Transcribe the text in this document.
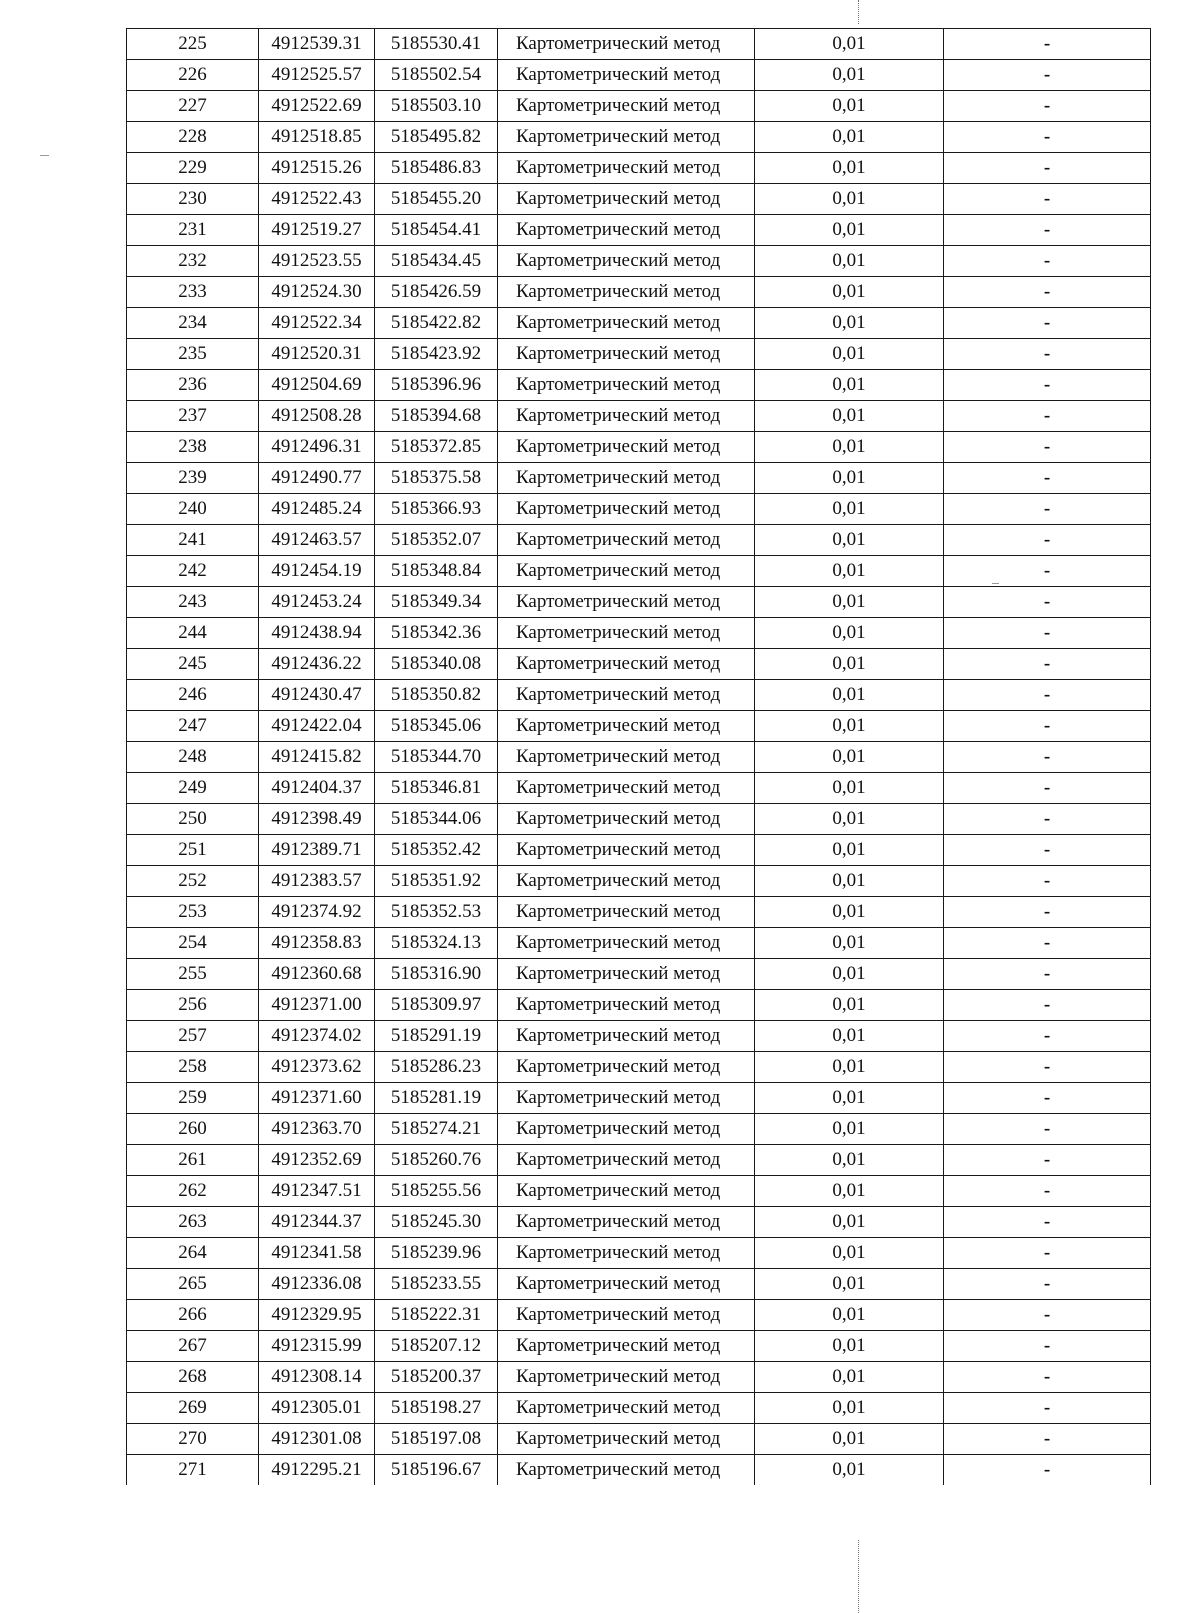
225	4912539.31	5185530.41	Картометрический метод	0,01	-
226	4912525.57	5185502.54	Картометрический метод	0,01	-
227	4912522.69	5185503.10	Картометрический метод	0,01	-
228	4912518.85	5185495.82	Картометрический метод	0,01	-
229	4912515.26	5185486.83	Картометрический метод	0,01	-
230	4912522.43	5185455.20	Картометрический метод	0,01	-
231	4912519.27	5185454.41	Картометрический метод	0,01	-
232	4912523.55	5185434.45	Картометрический метод	0,01	-
233	4912524.30	5185426.59	Картометрический метод	0,01	-
234	4912522.34	5185422.82	Картометрический метод	0,01	-
235	4912520.31	5185423.92	Картометрический метод	0,01	-
236	4912504.69	5185396.96	Картометрический метод	0,01	-
237	4912508.28	5185394.68	Картометрический метод	0,01	-
238	4912496.31	5185372.85	Картометрический метод	0,01	-
239	4912490.77	5185375.58	Картометрический метод	0,01	-
240	4912485.24	5185366.93	Картометрический метод	0,01	-
241	4912463.57	5185352.07	Картометрический метод	0,01	-
242	4912454.19	5185348.84	Картометрический метод	0,01	-
243	4912453.24	5185349.34	Картометрический метод	0,01	-
244	4912438.94	5185342.36	Картометрический метод	0,01	-
245	4912436.22	5185340.08	Картометрический метод	0,01	-
246	4912430.47	5185350.82	Картометрический метод	0,01	-
247	4912422.04	5185345.06	Картометрический метод	0,01	-
248	4912415.82	5185344.70	Картометрический метод	0,01	-
249	4912404.37	5185346.81	Картометрический метод	0,01	-
250	4912398.49	5185344.06	Картометрический метод	0,01	-
251	4912389.71	5185352.42	Картометрический метод	0,01	-
252	4912383.57	5185351.92	Картометрический метод	0,01	-
253	4912374.92	5185352.53	Картометрический метод	0,01	-
254	4912358.83	5185324.13	Картометрический метод	0,01	-
255	4912360.68	5185316.90	Картометрический метод	0,01	-
256	4912371.00	5185309.97	Картометрический метод	0,01	-
257	4912374.02	5185291.19	Картометрический метод	0,01	-
258	4912373.62	5185286.23	Картометрический метод	0,01	-
259	4912371.60	5185281.19	Картометрический метод	0,01	-
260	4912363.70	5185274.21	Картометрический метод	0,01	-
261	4912352.69	5185260.76	Картометрический метод	0,01	-
262	4912347.51	5185255.56	Картометрический метод	0,01	-
263	4912344.37	5185245.30	Картометрический метод	0,01	-
264	4912341.58	5185239.96	Картометрический метод	0,01	-
265	4912336.08	5185233.55	Картометрический метод	0,01	-
266	4912329.95	5185222.31	Картометрический метод	0,01	-
267	4912315.99	5185207.12	Картометрический метод	0,01	-
268	4912308.14	5185200.37	Картометрический метод	0,01	-
269	4912305.01	5185198.27	Картометрический метод	0,01	-
270	4912301.08	5185197.08	Картометрический метод	0,01	-
271	4912295.21	5185196.67	Картометрический метод	0,01	-
